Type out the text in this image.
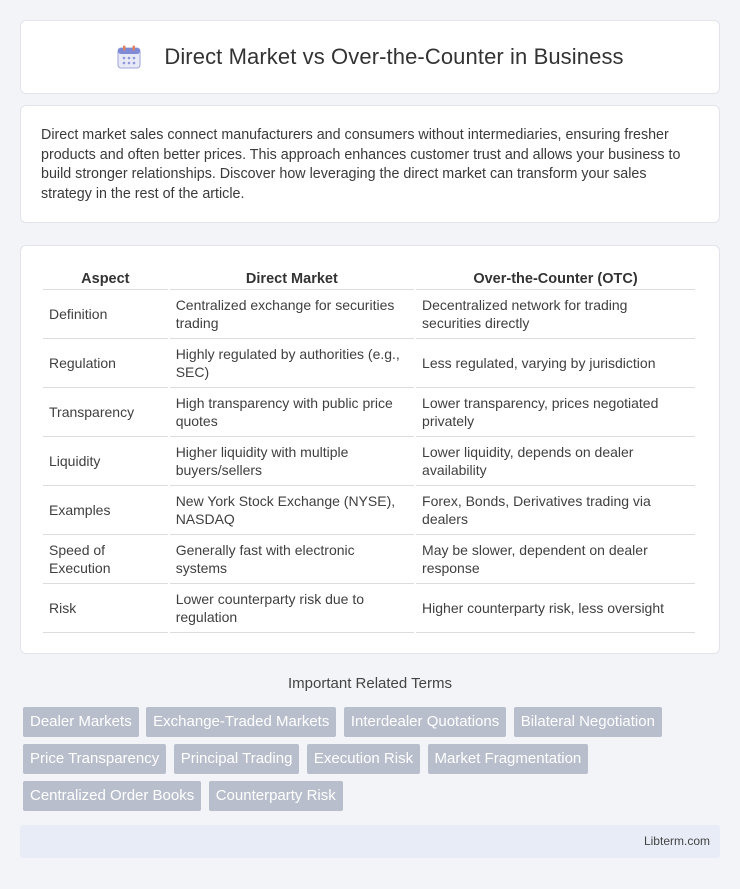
Direct Market vs Over-the-Counter in Business

Direct market sales connect manufacturers and consumers without intermediaries, ensuring fresher products and often better prices. This approach enhances customer trust and allows your business to build stronger relationships. Discover how leveraging the direct market can transform your sales strategy in the rest of the article.

Aspect	Direct Market	Over-the-Counter (OTC)
Definition	Centralized exchange for securities trading	Decentralized network for trading securities directly
Regulation	Highly regulated by authorities (e.g., SEC)	Less regulated, varying by jurisdiction
Transparency	High transparency with public price quotes	Lower transparency, prices negotiated privately
Liquidity	Higher liquidity with multiple buyers/sellers	Lower liquidity, depends on dealer availability
Examples	New York Stock Exchange (NYSE), NASDAQ	Forex, Bonds, Derivatives trading via dealers
Speed of Execution	Generally fast with electronic systems	May be slower, dependent on dealer response
Risk	Lower counterparty risk due to regulation	Higher counterparty risk, less oversight
Important Related Terms
Dealer Markets Exchange-Traded Markets Interdealer Quotations Bilateral Negotiation Price Transparency Principal Trading Execution Risk Market Fragmentation Centralized Order Books Counterparty Risk
Libterm.com
